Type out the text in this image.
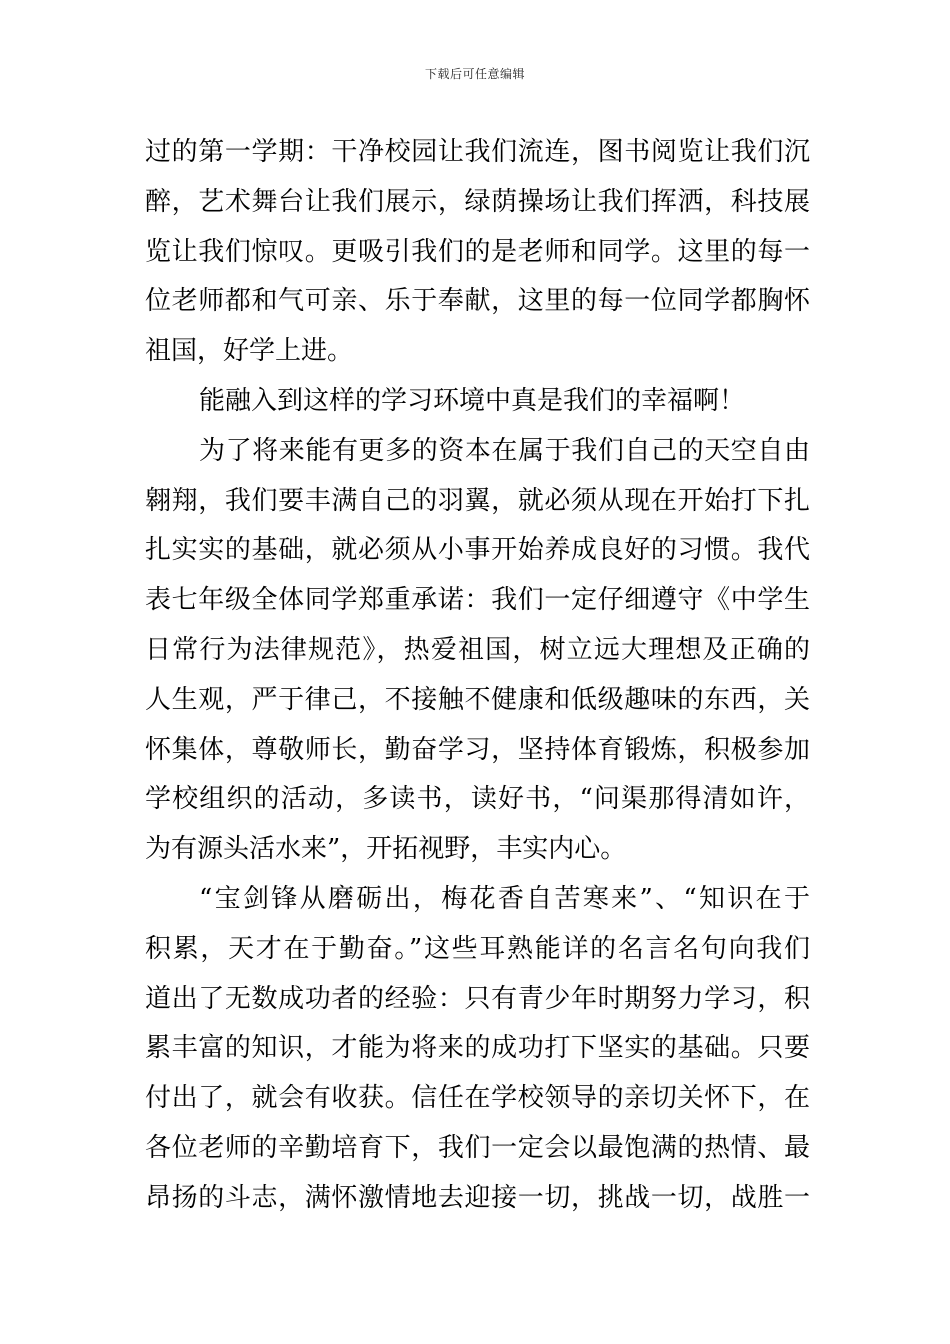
下载后可任意编辑
过的第一学期：干净校园让我们流连，图书阅览让我们沉
醉，艺术舞台让我们展示，绿荫操场让我们挥洒，科技展
览让我们惊叹。更吸引我们的是老师和同学。这里的每一
位老师都和气可亲、乐于奉献，这里的每一位同学都胸怀
祖国，好学上进。
能融入到这样的学习环境中真是我们的幸福啊！
为了将来能有更多的资本在属于我们自己的天空自由
翱翔，我们要丰满自己的羽翼，就必须从现在开始打下扎
扎实实的基础，就必须从小事开始养成良好的习惯。我代
表七年级全体同学郑重承诺：我们一定仔细遵守《中学生
日常行为法律规范》，热爱祖国，树立远大理想及正确的
人生观，严于律己，不接触不健康和低级趣味的东西，关
怀集体，尊敬师长，勤奋学习，坚持体育锻炼，积极参加
学校组织的活动，多读书，读好书，“问渠那得清如许，
为有源头活水来”，开拓视野，丰实内心。
“宝剑锋从磨砺出，梅花香自苦寒来”、“知识在于
积累，天才在于勤奋。”这些耳熟能详的名言名句向我们
道出了无数成功者的经验：只有青少年时期努力学习，积
累丰富的知识，才能为将来的成功打下坚实的基础。只要
付出了，就会有收获。信任在学校领导的亲切关怀下，在
各位老师的辛勤培育下，我们一定会以最饱满的热情、最
昂扬的斗志，满怀激情地去迎接一切，挑战一切，战胜一
